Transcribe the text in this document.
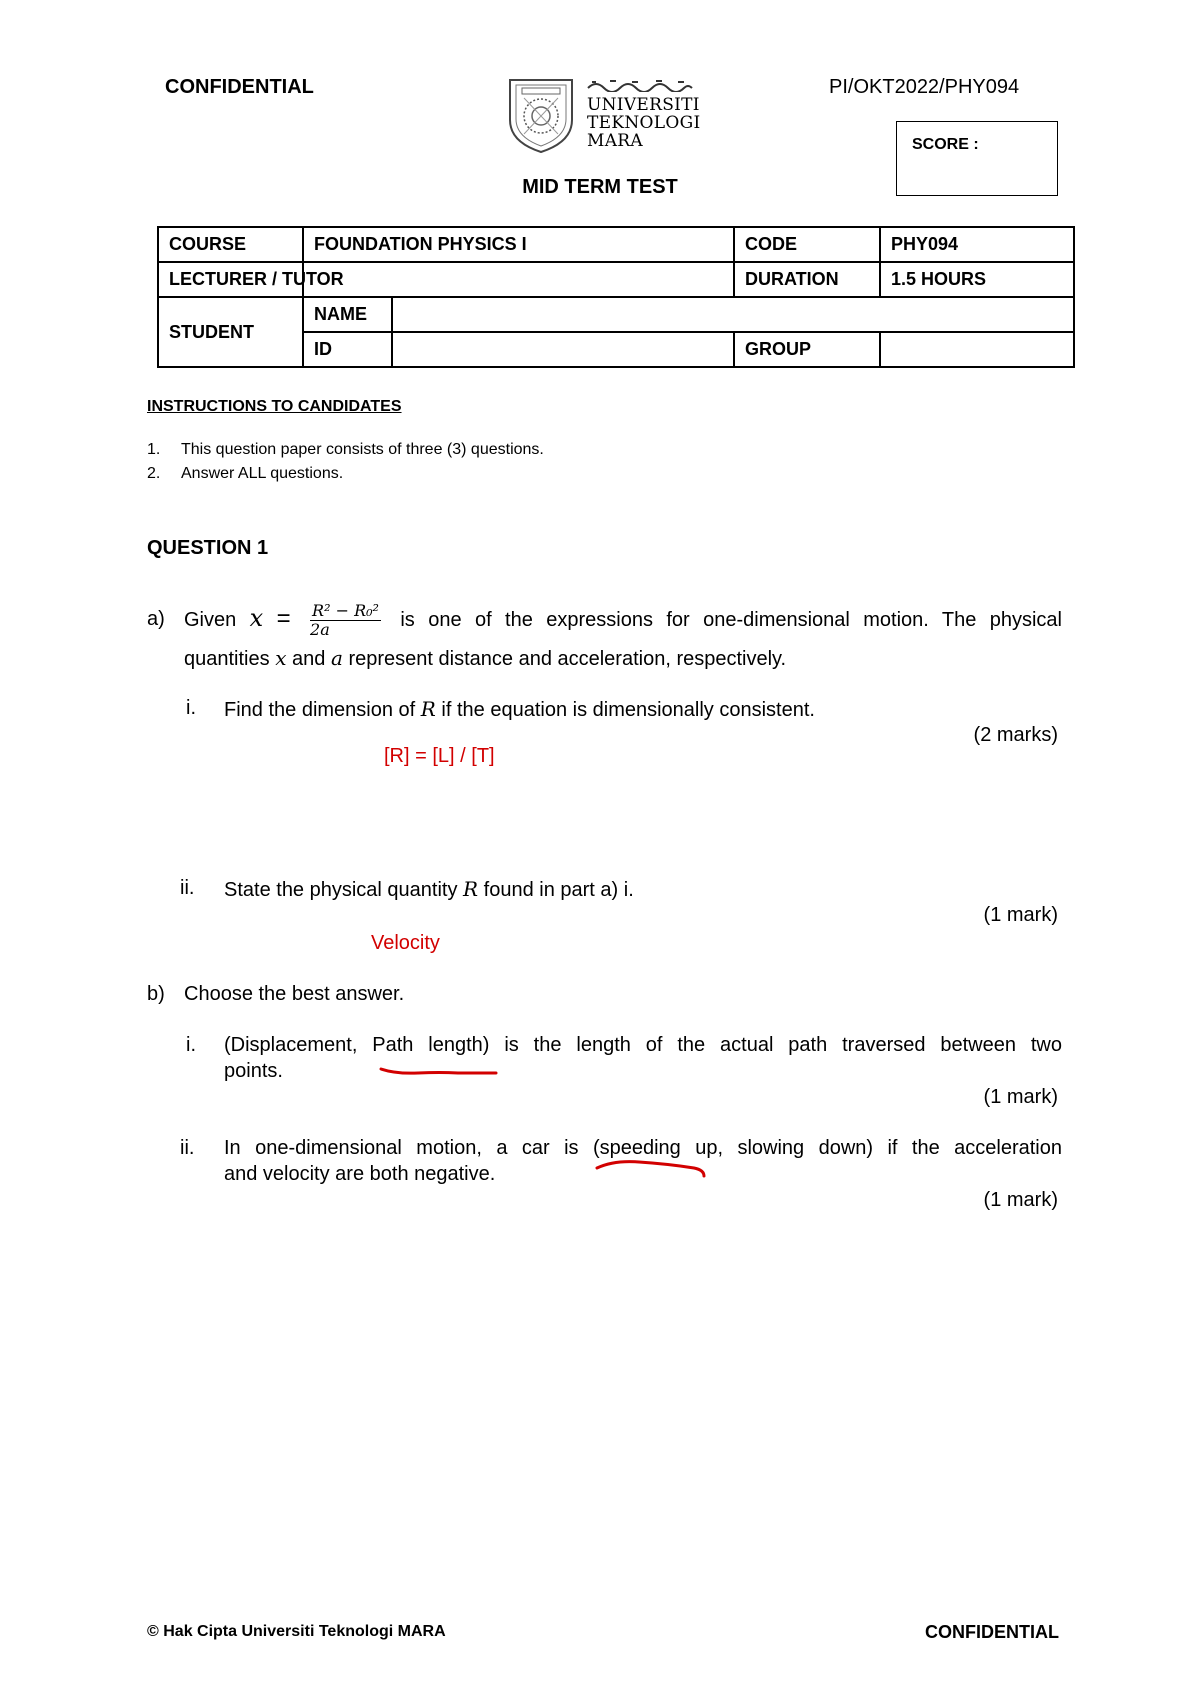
CONFIDENTIAL	PI/OKT2022/PHY094
UNIVERSITI
TEKNOLOGI
MARA	SCORE :
MID TERM TEST
COURSE	FOUNDATION PHYSICS I		CODE	PHY094
LECTURER / TUTOR			DURATION	1.5 HOURS
STUDENT	NAME			
	ID		GROUP	
INSTRUCTIONS TO CANDIDATES
1. This question paper consists of three (3) questions.
2. Answer ALL questions.
QUESTION 1
a) Given $x = \frac{\text{R² − R₀²}}{2a}$ is one of the expressions for one-dimensional motion. The physical
quantities x and a represent distance and acceleration, respectively.
i. Find the dimension of R if the equation is dimensionally consistent.
(2 marks)
[R] = [L] / [T]
ii. State the physical quantity R found in part a) i.
(1 mark)
Velocity
b) Choose the best answer.
i. (Displacement, Path length) is the length of the actual path traversed between two
points.
(1 mark)
ii. In one-dimensional motion, a car is (speeding up, slowing down) if the acceleration
and velocity are both negative.
(1 mark)
© Hak Cipta Universiti Teknologi MARA	CONFIDENTIAL
